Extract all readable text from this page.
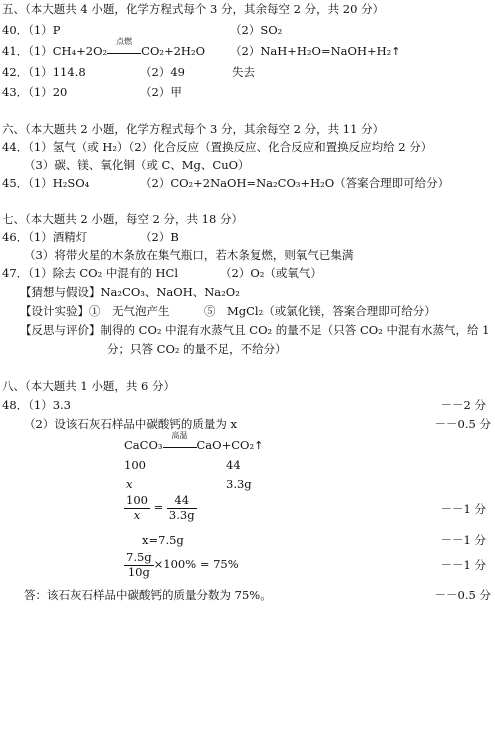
五、（本大题共 4 小题，化学方程式每个 3 分，其余每空 2 分，共 20 分）
40．（1）P	（2）SO₂
41．（1）CH₄+2O₂
点燃
CO₂+2H₂O （2）NaH+H₂O=NaOH+H₂↑
42．（1）114.8	（2）49	失去
43．（1）20	（2）甲
六、（本大题共 2 小题，化学方程式每个 3 分，其余每空 2 分，共 11 分）
44．（1）氢气（或 H₂）（2）化合反应（置换反应、化合反应和置换反应均给 2 分）
（3）碳、镁、氧化铜（或 C、Mg、CuO）
45．（1）H₂SO₄	（2）CO₂+2NaOH=Na₂CO₃+H₂O（答案合理即可给分）
七、（本大题共 2 小题，每空 2 分，共 18 分）
46．（1）酒精灯	（2）B
（3）将带火星的木条放在集气瓶口，若木条复燃，则氧气已集满
47．（1）除去 CO₂ 中混有的 HCl	（2）O₂（或氧气）
【猜想与假设】Na₂CO₃、NaOH、Na₂O₂
【设计实验】①　无气泡产生　　　⑤　MgCl₂（或氯化镁，答案合理即可给分）
【反思与评价】制得的 CO₂ 中混有水蒸气且 CO₂ 的量不足（只答 CO₂ 中混有水蒸气，给 1
分；只答 CO₂ 的量不足，不给分）
八、（本大题共 1 小题，共 6 分）
48．（1）3.3	－－2 分
（2）设该石灰石样品中碳酸钙的质量为 x	－－0.5 分
CaCO₃
高温
CaO+CO₂↑
100	44
x	3.3g
$\frac{100}{x} = \frac{44}{3.3g}$	－－1 分
x=7.5g	－－1 分
$\frac{7.5g}{10g} \times 100\% = 75\%$	－－1 分
答：该石灰石样品中碳酸钙的质量分数为 75%。	－－0.5 分
